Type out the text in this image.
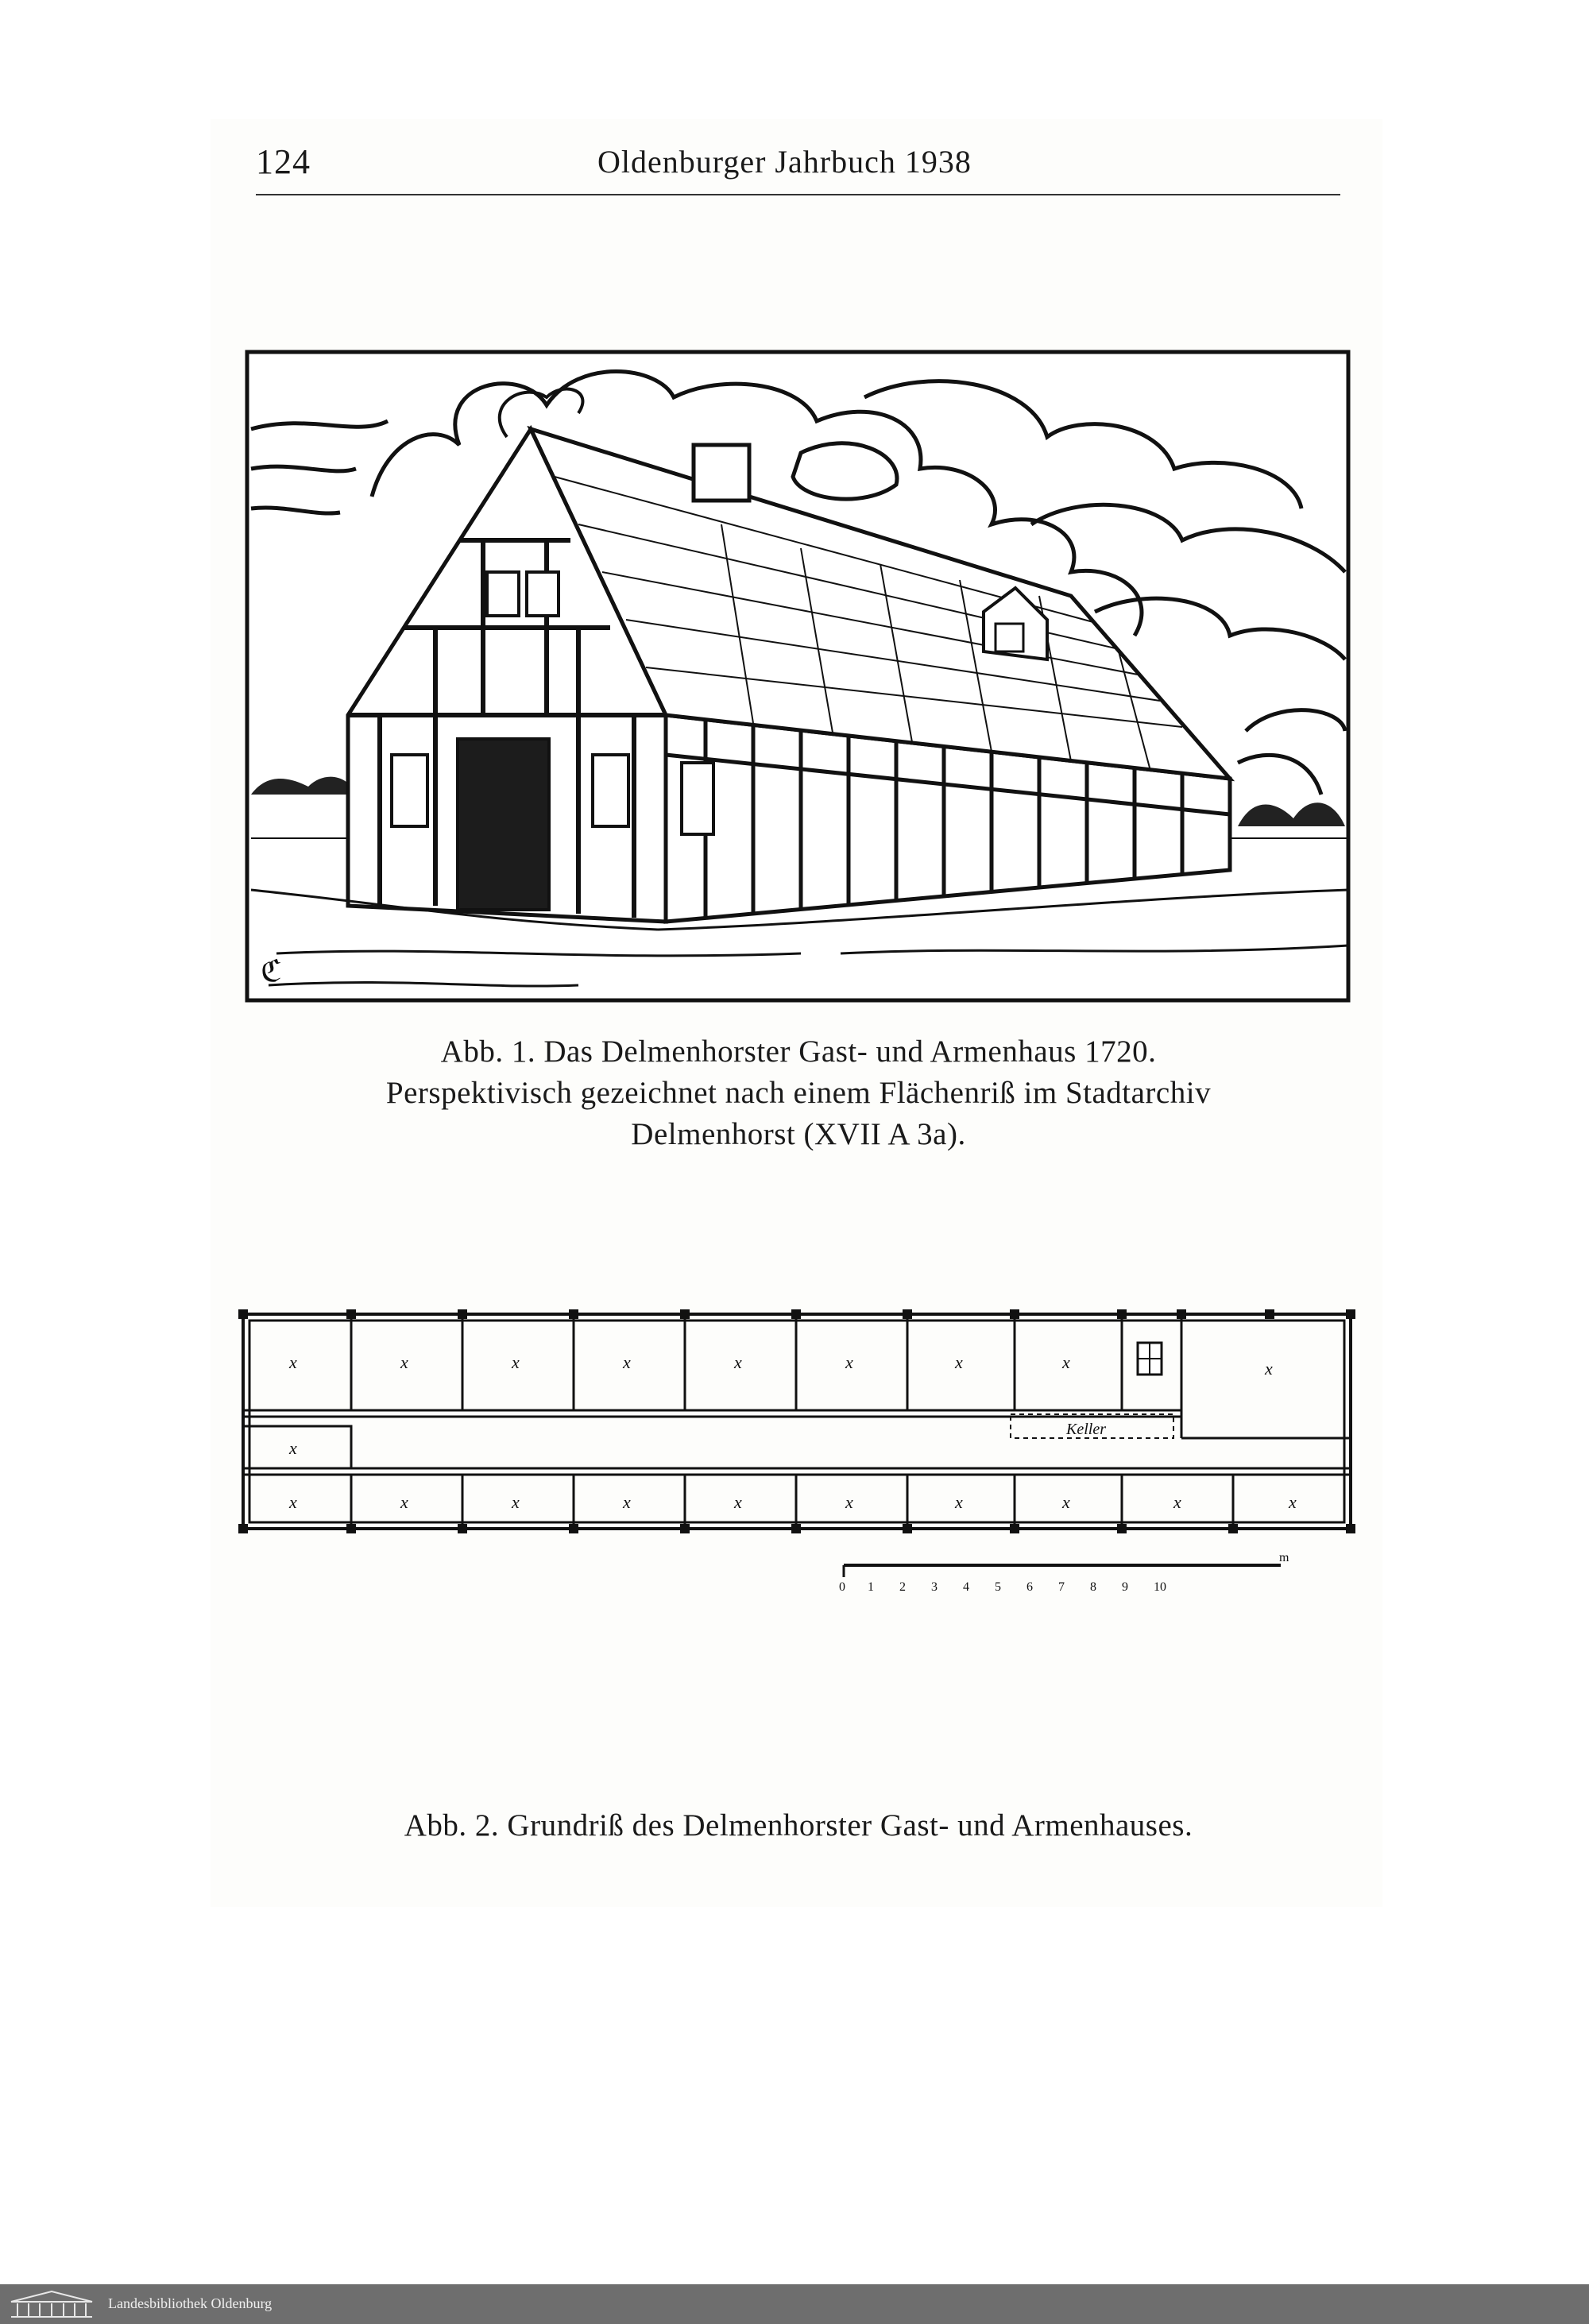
124	Oldenburger Jahrbuch 1938
ℭ
Abb. 1. Das Delmenhorster Gast- und Armenhaus 1720.
Perspektivisch gezeichnet nach einem Flächenriß im Stadtarchiv
Delmenhorst (XVII A 3a).
x	x	x	x	x	x	x	x	x
x	x	x	x	x	x	x	x	x	x
x
Keller
0 1 2 3 4 5 6 7 8 9 10
m
Abb. 2. Grundriß des Delmenhorster Gast- und Armenhauses.
Landesbibliothek Oldenburg
